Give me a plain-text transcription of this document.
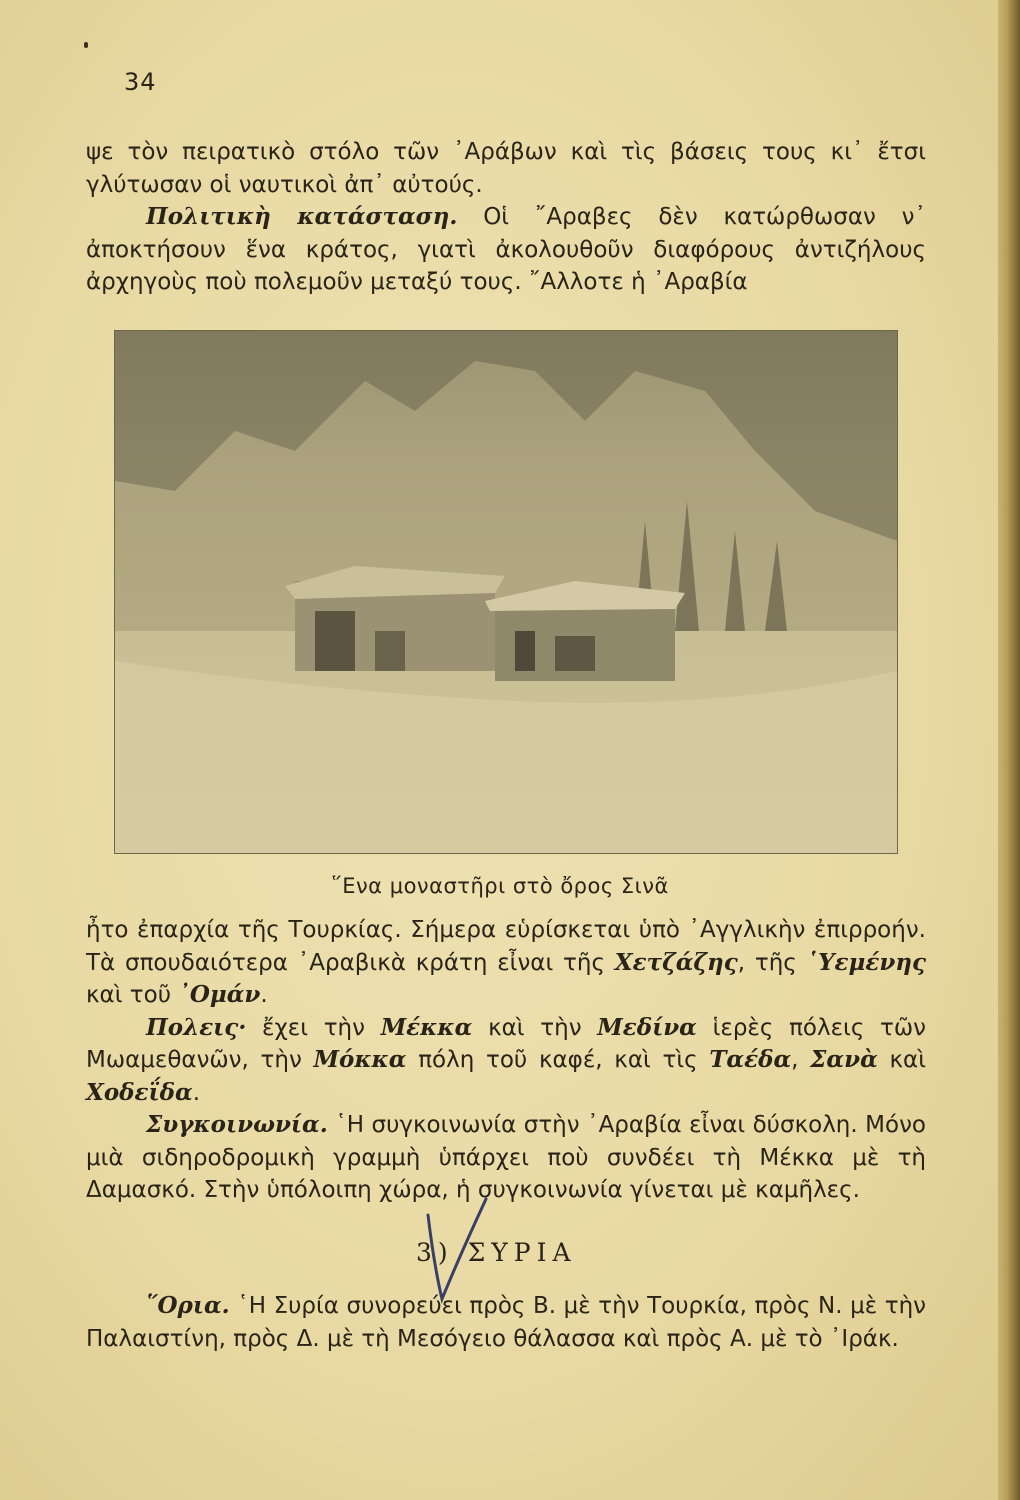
34

ψε τὸν πειρατικὸ στόλο τῶν ᾿Αράβων καὶ τὶς βάσεις τους κι᾿ ἔτσι γλύτωσαν οἱ ναυτικοὶ ἀπ᾿ αὐτούς.

Πολιτικὴ κατάσταση. Οἱ ῎Αραβες δὲν κατώρθωσαν ν᾿ ἀποκτήσουν ἕνα κράτος, γιατὶ ἀκολουθοῦν διαφόρους ἀντιζήλους ἀρχηγοὺς ποὺ πολεμοῦν μεταξύ τους. ῎Αλλοτε ἡ ᾿Αραβία

῞Ενα μοναστῆρι στὸ ὄρος Σινᾶ

ἦτο ἐπαρχία τῆς Τουρκίας. Σήμερα εὑρίσκεται ὑπὸ ᾿Αγγλικὴν ἐπιρροήν. Τὰ σπουδαιότερα ᾿Αραβικὰ κράτη εἶναι τῆς Χετζάζης, τῆς ῾Υεμένης καὶ τοῦ ᾿Ομάν.

Πολεις· ἔχει τὴν Μέκκα καὶ τὴν Μεδίνα ἱερὲς πόλεις τῶν Μωαμεθανῶν, τὴν Μόκκα πόλη τοῦ καφέ, καὶ τὶς Ταέδα, Σανὰ καὶ Χοδεΐδα.

Συγκοινωνία. ῾Η συγκοινωνία στὴν ᾿Αραβία εἶναι δύσκολη. Μόνο μιὰ σιδηροδρομικὴ γραμμὴ ὑπάρχει ποὺ συνδέει τὴ Μέκκα μὲ τὴ Δαμασκό. Στὴν ὑπόλοιπη χώρα, ἡ συγκοινωνία γίνεται μὲ καμῆλες.

3) ΣΥΡΙΑ

῞Ορια. ῾Η Συρία συνορεύει πρὸς Β. μὲ τὴν Τουρκία, πρὸς Ν. μὲ τὴν Παλαιστίνη, πρὸς Δ. μὲ τὴ Μεσόγειο θάλασσα καὶ πρὸς Α. μὲ τὸ ᾿Ιράκ.
